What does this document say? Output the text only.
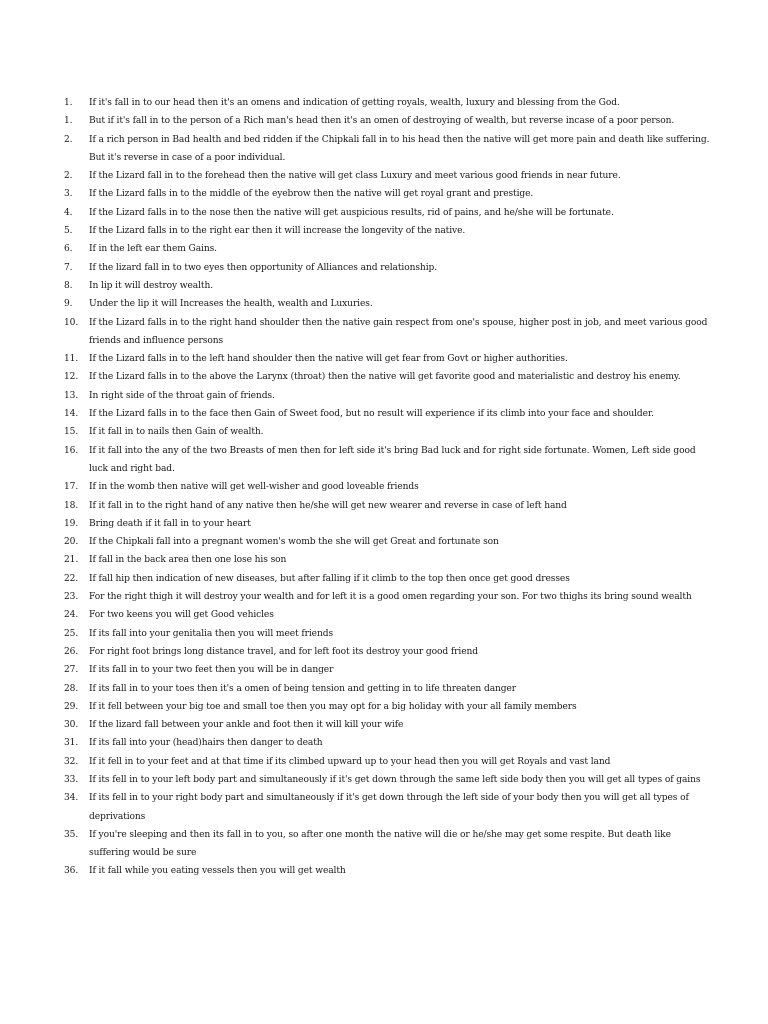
1.	If it's fall in to our head then it's an omens and indication of getting royals, wealth, luxury and blessing from the God.
1.	But if it's fall in to the person of a Rich man's head then it's an omen of destroying of wealth, but reverse incase of a poor person.
2.	If a rich person in Bad health and bed ridden if the Chipkali fall in to his head then the native will get more pain and death like suffering. But it's reverse in case of a poor individual.
2.	If the Lizard fall in to the forehead then the native will get class Luxury and meet various good friends in near future.
3.	If the Lizard falls in to the middle of the eyebrow then the native will get royal grant and prestige.
4.	If the Lizard falls in to the nose then the native will get auspicious results, rid of pains, and he/she will be fortunate.
5.	If the Lizard falls in to the right ear then it will increase the longevity of the native.
6.	If in the left ear them Gains.
7.	If the lizard fall in to two eyes then opportunity of Alliances and relationship.
8.	In lip it will destroy wealth.
9.	Under the lip it will Increases the health, wealth and Luxuries.
10.	If the Lizard falls in to the right hand shoulder then the native gain respect from one's spouse, higher post in job, and meet various good friends and influence persons
11.	If the Lizard falls in to the left hand shoulder then the native will get fear from Govt or higher authorities.
12.	If the Lizard falls in to the above the Larynx (throat) then the native will get favorite good and materialistic and destroy his enemy.
13.	In right side of the throat gain of friends.
14.	If the Lizard falls in to the face then Gain of Sweet food, but no result will experience if its climb into your face and shoulder.
15.	If it fall in to nails then Gain of wealth.
16.	If it fall into the any of the two Breasts of men then for left side it's bring Bad luck and for right side fortunate. Women, Left side good luck and right bad.
17.	If in the womb then native will get well-wisher and good loveable friends
18.	If it fall in to the right hand of any native then he/she will get new wearer and reverse in case of left hand
19.	Bring death if it fall in to your heart
20.	If the Chipkali fall into a pregnant women's womb the she will get Great and fortunate son
21.	If fall in the back area then one lose his son
22.	If fall hip then indication of new diseases, but after falling if it climb to the top then once get good dresses
23.	For the right thigh it will destroy your wealth and for left it is a good omen regarding your son. For two thighs its bring sound wealth
24.	For two keens you will get Good vehicles
25.	If its fall into your genitalia then you will meet friends
26.	For right foot brings long distance travel, and for left foot its destroy your good friend
27.	If its fall in to your two feet then you will be in danger
28.	If its fall in to your toes then it's a omen of being tension and getting in to life threaten danger
29.	If it fell between your big toe and small toe then you may opt for a big holiday with your all family members
30.	If the lizard fall between your ankle and foot then it will kill your wife
31.	If its fall into your (head)hairs then danger to death
32.	If it fell in to your feet and at that time if its climbed upward up to your head then you will get Royals and vast land
33.	If its fell in to your left body part and simultaneously if it's get down through the same left side body then you will get all types of gains
34.	If its fell in to your right body part and simultaneously if it's get down through the left side of your body then you will get all types of deprivations
35.	If you're sleeping and then its fall in to you, so after one month the native will die or he/she may get some respite. But death like suffering would be sure
36.	If it fall while you eating vessels then you will get wealth
